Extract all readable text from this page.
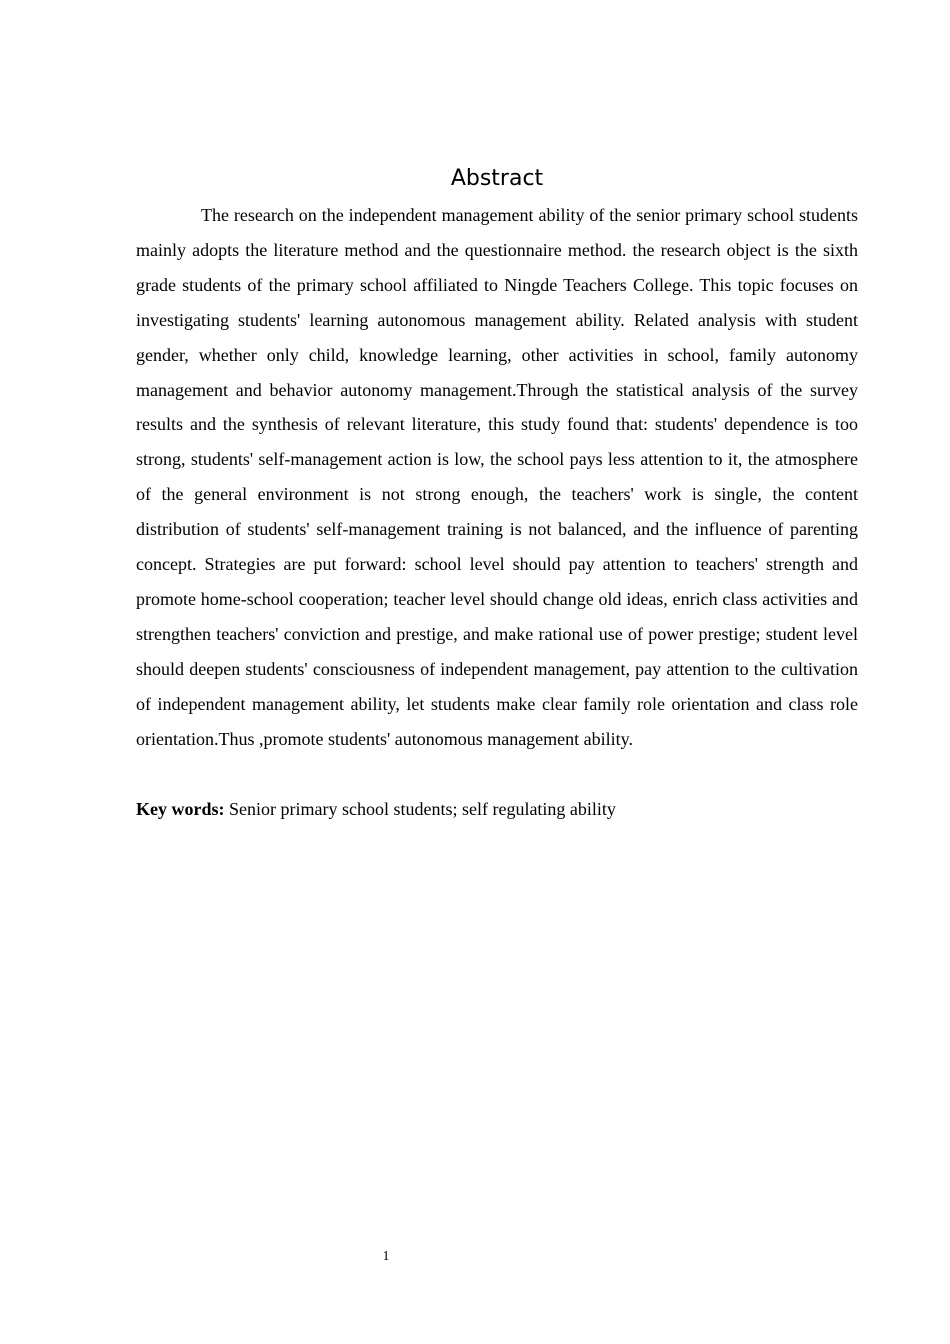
Abstract

The research on the independent management ability of the senior primary school students mainly adopts the literature method and the questionnaire method. the research object is the sixth grade students of the primary school affiliated to Ningde Teachers College. This topic focuses on investigating students' learning autonomous management ability. Related analysis with student gender, whether only child, knowledge learning, other activities in school, family autonomy management and behavior autonomy management.Through the statistical analysis of the survey results and the synthesis of relevant literature, this study found that: students' dependence is too strong, students' self-management action is low, the school pays less attention to it, the atmosphere of the general environment is not strong enough, the teachers' work is single, the content distribution of students' self-management training is not balanced, and the influence of parenting concept. Strategies are put forward: school level should pay attention to teachers' strength and promote home-school cooperation; teacher level should change old ideas, enrich class activities and strengthen teachers' conviction and prestige, and make rational use of power prestige; student level should deepen students' consciousness of independent management, pay attention to the cultivation of independent management ability, let students make clear family role orientation and class role orientation.Thus ,promote students' autonomous management ability.

Key words: Senior primary school students; self regulating ability

1
